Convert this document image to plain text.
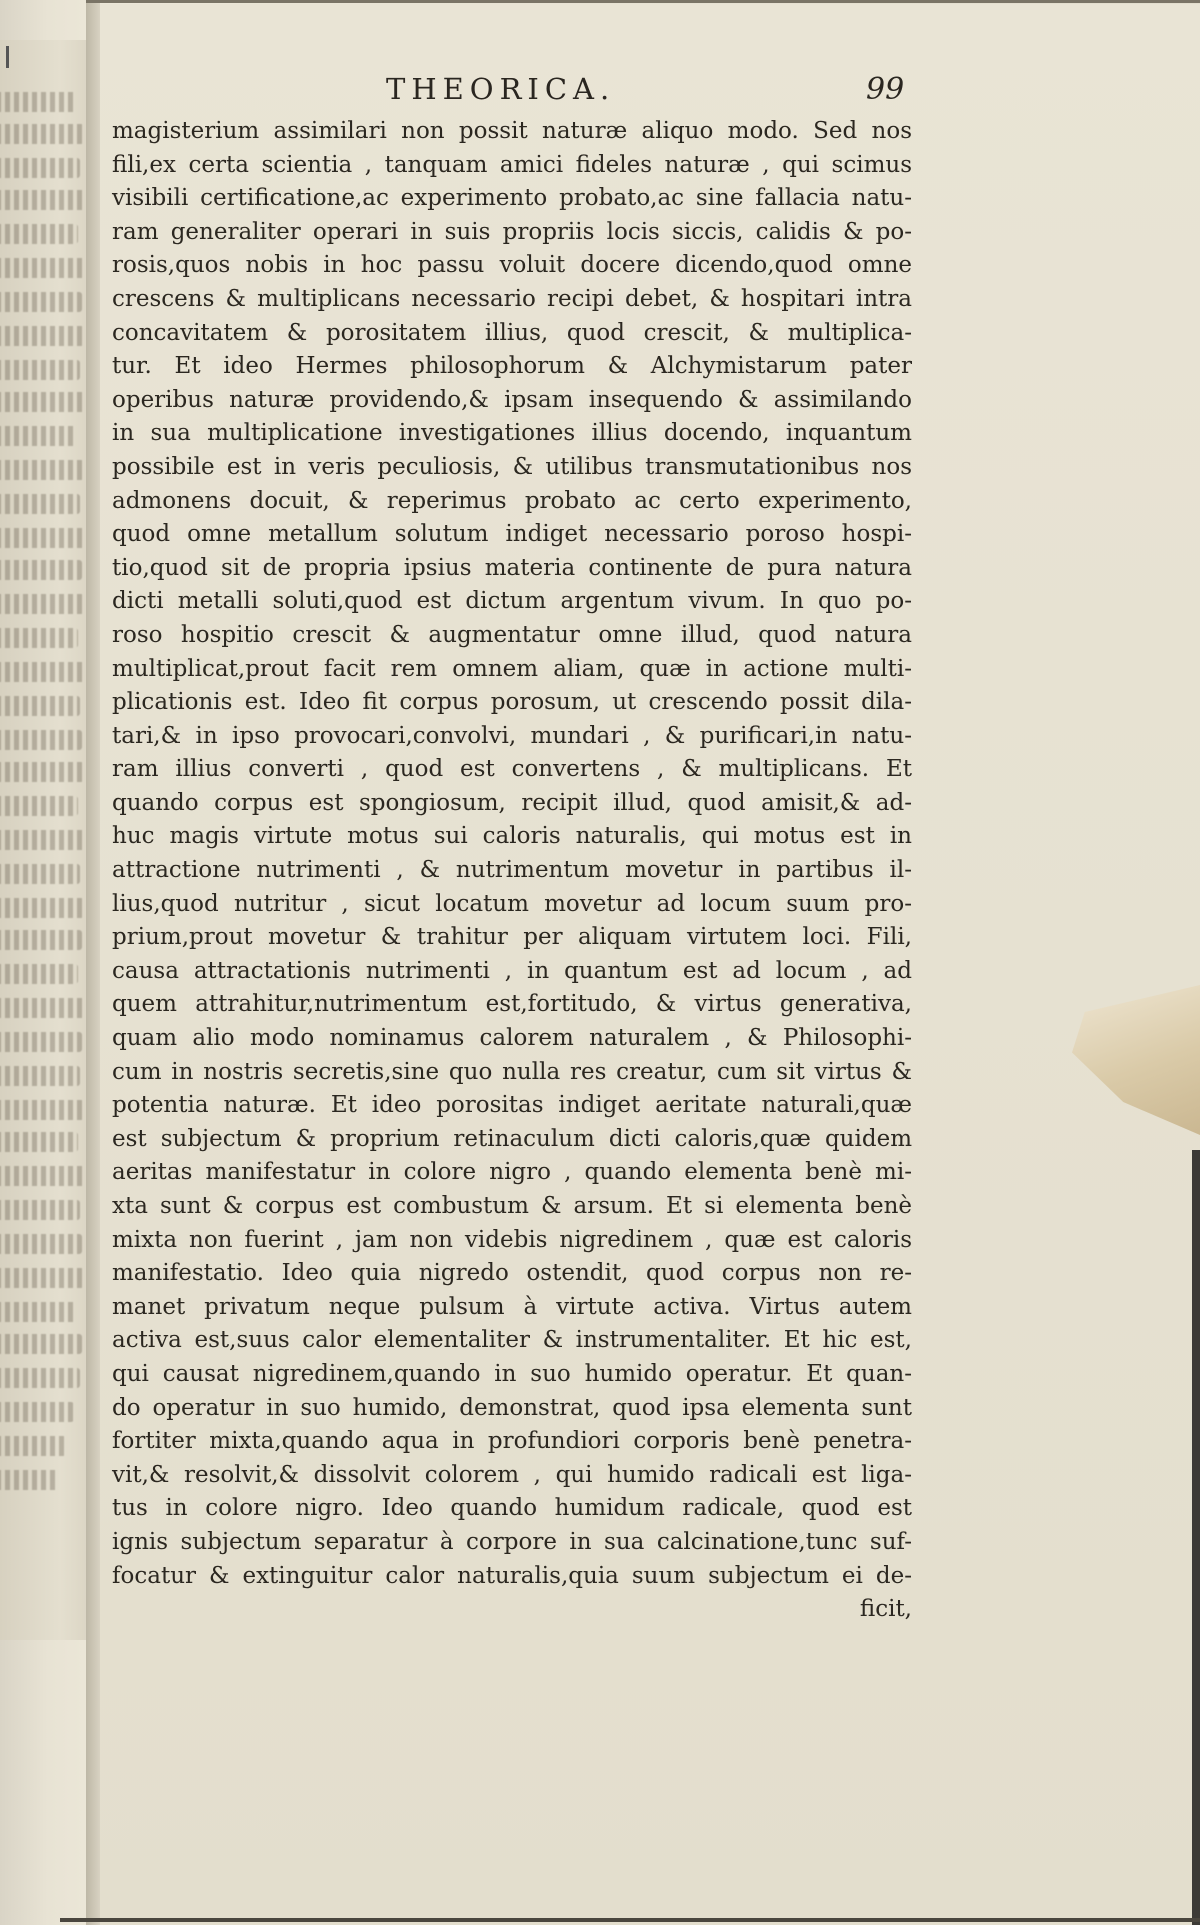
THEORICA.	99
magisterium assimilari non possit naturæ aliquo modo. Sed nos
fili,ex certa scientia , tanquam amici fideles naturæ , qui scimus
visibili certificatione,ac experimento probato,ac sine fallacia natu-
ram generaliter operari in suis propriis locis siccis, calidis & po-
rosis,quos nobis in hoc passu voluit docere dicendo,quod omne
crescens & multiplicans necessario recipi debet, & hospitari intra
concavitatem & porositatem illius, quod crescit, & multiplica-
tur. Et ideo Hermes philosophorum & Alchymistarum pater
operibus naturæ providendo,& ipsam insequendo & assimilando
in sua multiplicatione investigationes illius docendo, inquantum
possibile est in veris peculiosis, & utilibus transmutationibus nos
admonens docuit, & reperimus probato ac certo experimento,
quod omne metallum solutum indiget necessario poroso hospi-
tio,quod sit de propria ipsius materia continente de pura natura
dicti metalli soluti,quod est dictum argentum vivum. In quo po-
roso hospitio crescit & augmentatur omne illud, quod natura
multiplicat,prout facit rem omnem aliam, quæ in actione multi-
plicationis est. Ideo fit corpus porosum, ut crescendo possit dila-
tari,& in ipso provocari,convolvi, mundari , & purificari,in natu-
ram illius converti , quod est convertens , & multiplicans. Et
quando corpus est spongiosum, recipit illud, quod amisit,& ad-
huc magis virtute motus sui caloris naturalis, qui motus est in
attractione nutrimenti , & nutrimentum movetur in partibus il-
lius,quod nutritur , sicut locatum movetur ad locum suum pro-
prium,prout movetur & trahitur per aliquam virtutem loci. Fili,
causa attractationis nutrimenti , in quantum est ad locum , ad
quem attrahitur,nutrimentum est,fortitudo, & virtus generativa,
quam alio modo nominamus calorem naturalem , & Philosophi-
cum in nostris secretis,sine quo nulla res creatur, cum sit virtus &
potentia naturæ. Et ideo porositas indiget aeritate naturali,quæ
est subjectum & proprium retinaculum dicti caloris,quæ quidem
aeritas manifestatur in colore nigro , quando elementa benè mi-
xta sunt & corpus est combustum & arsum. Et si elementa benè
mixta non fuerint , jam non videbis nigredinem , quæ est caloris
manifestatio. Ideo quia nigredo ostendit, quod corpus non re-
manet privatum neque pulsum à virtute activa. Virtus autem
activa est,suus calor elementaliter & instrumentaliter. Et hic est,
qui causat nigredinem,quando in suo humido operatur. Et quan-
do operatur in suo humido, demonstrat, quod ipsa elementa sunt
fortiter mixta,quando aqua in profundiori corporis benè penetra-
vit,& resolvit,& dissolvit colorem , qui humido radicali est liga-
tus in colore nigro. Ideo quando humidum radicale, quod est
ignis subjectum separatur à corpore in sua calcinatione,tunc suf-
focatur & extinguitur calor naturalis,quia suum subjectum ei de-
ficit,
